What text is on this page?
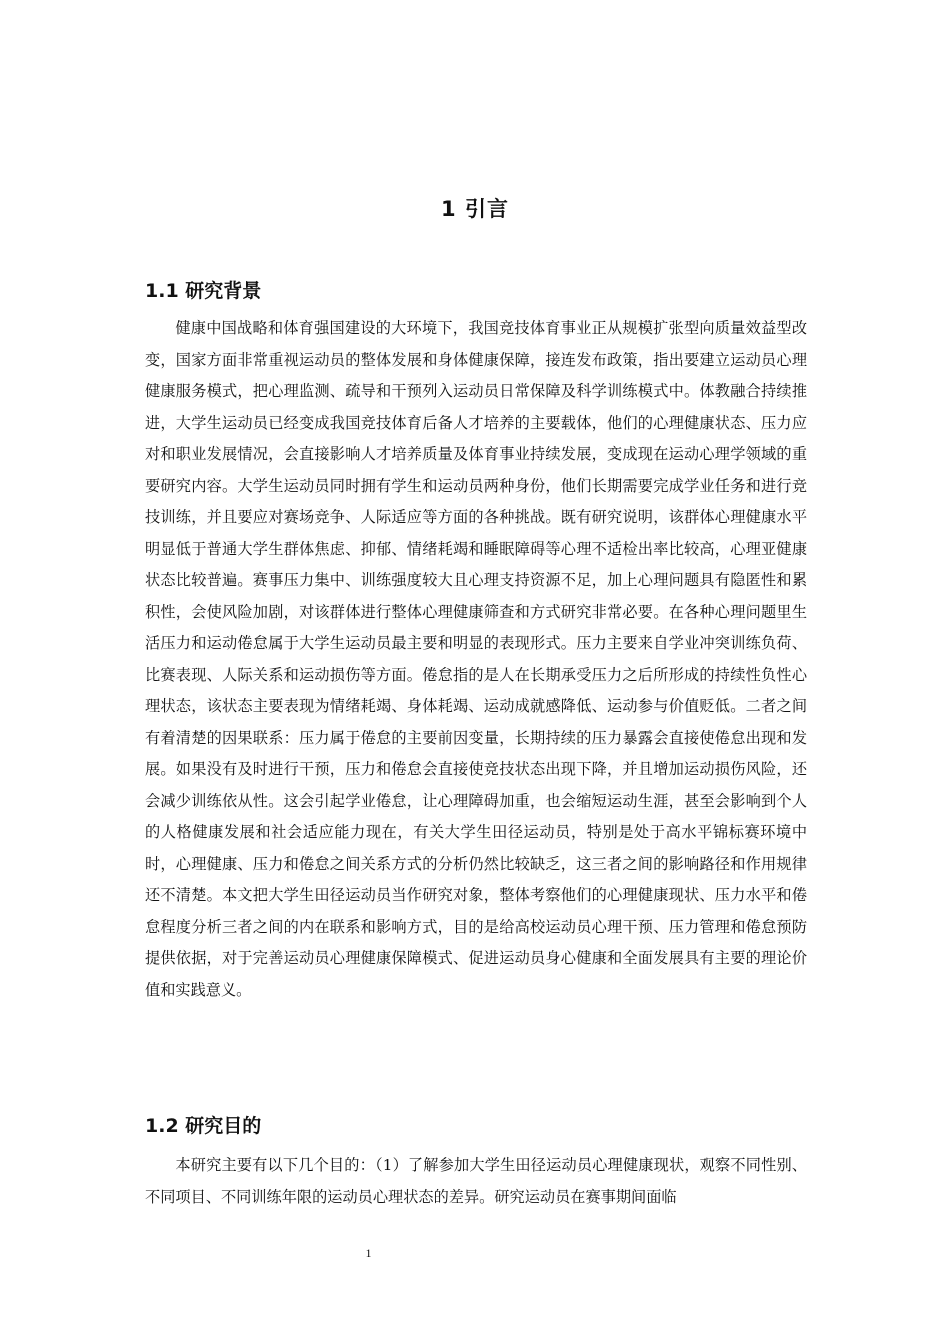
1 引言
1.1 研究背景

健康中国战略和体育强国建设的大环境下，我国竞技体育事业正从规模扩张型向质量效益型改变，国家方面非常重视运动员的整体发展和身体健康保障，接连发布政策，指出要建立运动员心理健康服务模式，把心理监测、疏导和干预列入运动员日常保障及科学训练模式中。体教融合持续推进，大学生运动员已经变成我国竞技体育后备人才培养的主要载体，他们的心理健康状态、压力应对和职业发展情况，会直接影响人才培养质量及体育事业持续发展，变成现在运动心理学领域的重要研究内容。大学生运动员同时拥有学生和运动员两种身份，他们长期需要完成学业任务和进行竞技训练，并且要应对赛场竞争、人际适应等方面的各种挑战。既有研究说明，该群体心理健康水平明显低于普通大学生群体焦虑、抑郁、情绪耗竭和睡眠障碍等心理不适检出率比较高，心理亚健康状态比较普遍。赛事压力集中、训练强度较大且心理支持资源不足，加上心理问题具有隐匿性和累积性，会使风险加剧，对该群体进行整体心理健康筛查和方式研究非常必要。在各种心理问题里生活压力和运动倦怠属于大学生运动员最主要和明显的表现形式。压力主要来自学业冲突训练负荷、比赛表现、人际关系和运动损伤等方面。倦怠指的是人在长期承受压力之后所形成的持续性负性心理状态，该状态主要表现为情绪耗竭、身体耗竭、运动成就感降低、运动参与价值贬低。二者之间有着清楚的因果联系：压力属于倦怠的主要前因变量，长期持续的压力暴露会直接使倦怠出现和发展。如果没有及时进行干预，压力和倦怠会直接使竞技状态出现下降，并且增加运动损伤风险，还会减少训练依从性。这会引起学业倦怠，让心理障碍加重，也会缩短运动生涯，甚至会影响到个人的人格健康发展和社会适应能力现在，有关大学生田径运动员，特别是处于高水平锦标赛环境中时，心理健康、压力和倦怠之间关系方式的分析仍然比较缺乏，这三者之间的影响路径和作用规律还不清楚。本文把大学生田径运动员当作研究对象，整体考察他们的心理健康现状、压力水平和倦怠程度分析三者之间的内在联系和影响方式，目的是给高校运动员心理干预、压力管理和倦怠预防提供依据，对于完善运动员心理健康保障模式、促进运动员身心健康和全面发展具有主要的理论价值和实践意义。

1.2 研究目的

本研究主要有以下几个目的：（1）了解参加大学生田径运动员心理健康现状，观察不同性别、不同项目、不同训练年限的运动员心理状态的差异。研究运动员在赛事期间面临

1
